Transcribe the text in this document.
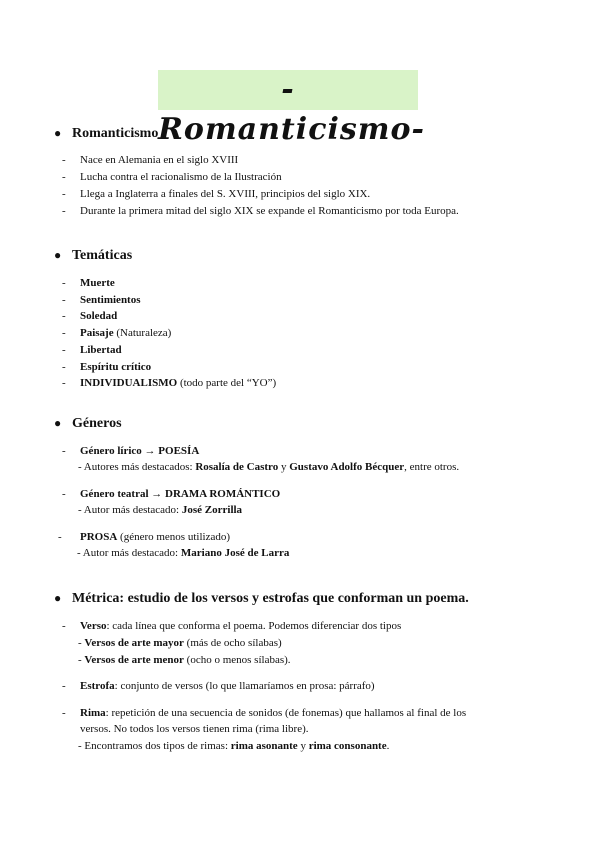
-Romanticismo-
● Romanticismo
- Nace en Alemania en el siglo XVIII
- Lucha contra el racionalismo de la Ilustración
- Llega a Inglaterra a finales del S. XVIII, principios del siglo XIX.
- Durante la primera mitad del siglo XIX se expande el Romanticismo por toda Europa.
● Temáticas
- Muerte
- Sentimientos
- Soledad
- Paisaje (Naturaleza)
- Libertad
- Espíritu crítico
- INDIVIDUALISMO (todo parte del “YO”)
● Géneros
- Género lírico → POESÍA
- Autores más destacados: Rosalía de Castro y Gustavo Adolfo Bécquer, entre otros.
- Género teatral → DRAMA ROMÁNTICO
- Autor más destacado: José Zorrilla
- PROSA (género menos utilizado)
- Autor más destacado: Mariano José de Larra
● Métrica: estudio de los versos y estrofas que conforman un poema.
- Verso: cada línea que conforma el poema. Podemos diferenciar dos tipos
- Versos de arte mayor (más de ocho sílabas)
- Versos de arte menor (ocho o menos sílabas).
- Estrofa: conjunto de versos (lo que llamaríamos en prosa: párrafo)
- Rima: repetición de una secuencia de sonidos (de fonemas) que hallamos al final de los
versos. No todos los versos tienen rima (rima libre).
- Encontramos dos tipos de rimas: rima asonante y rima consonante.
